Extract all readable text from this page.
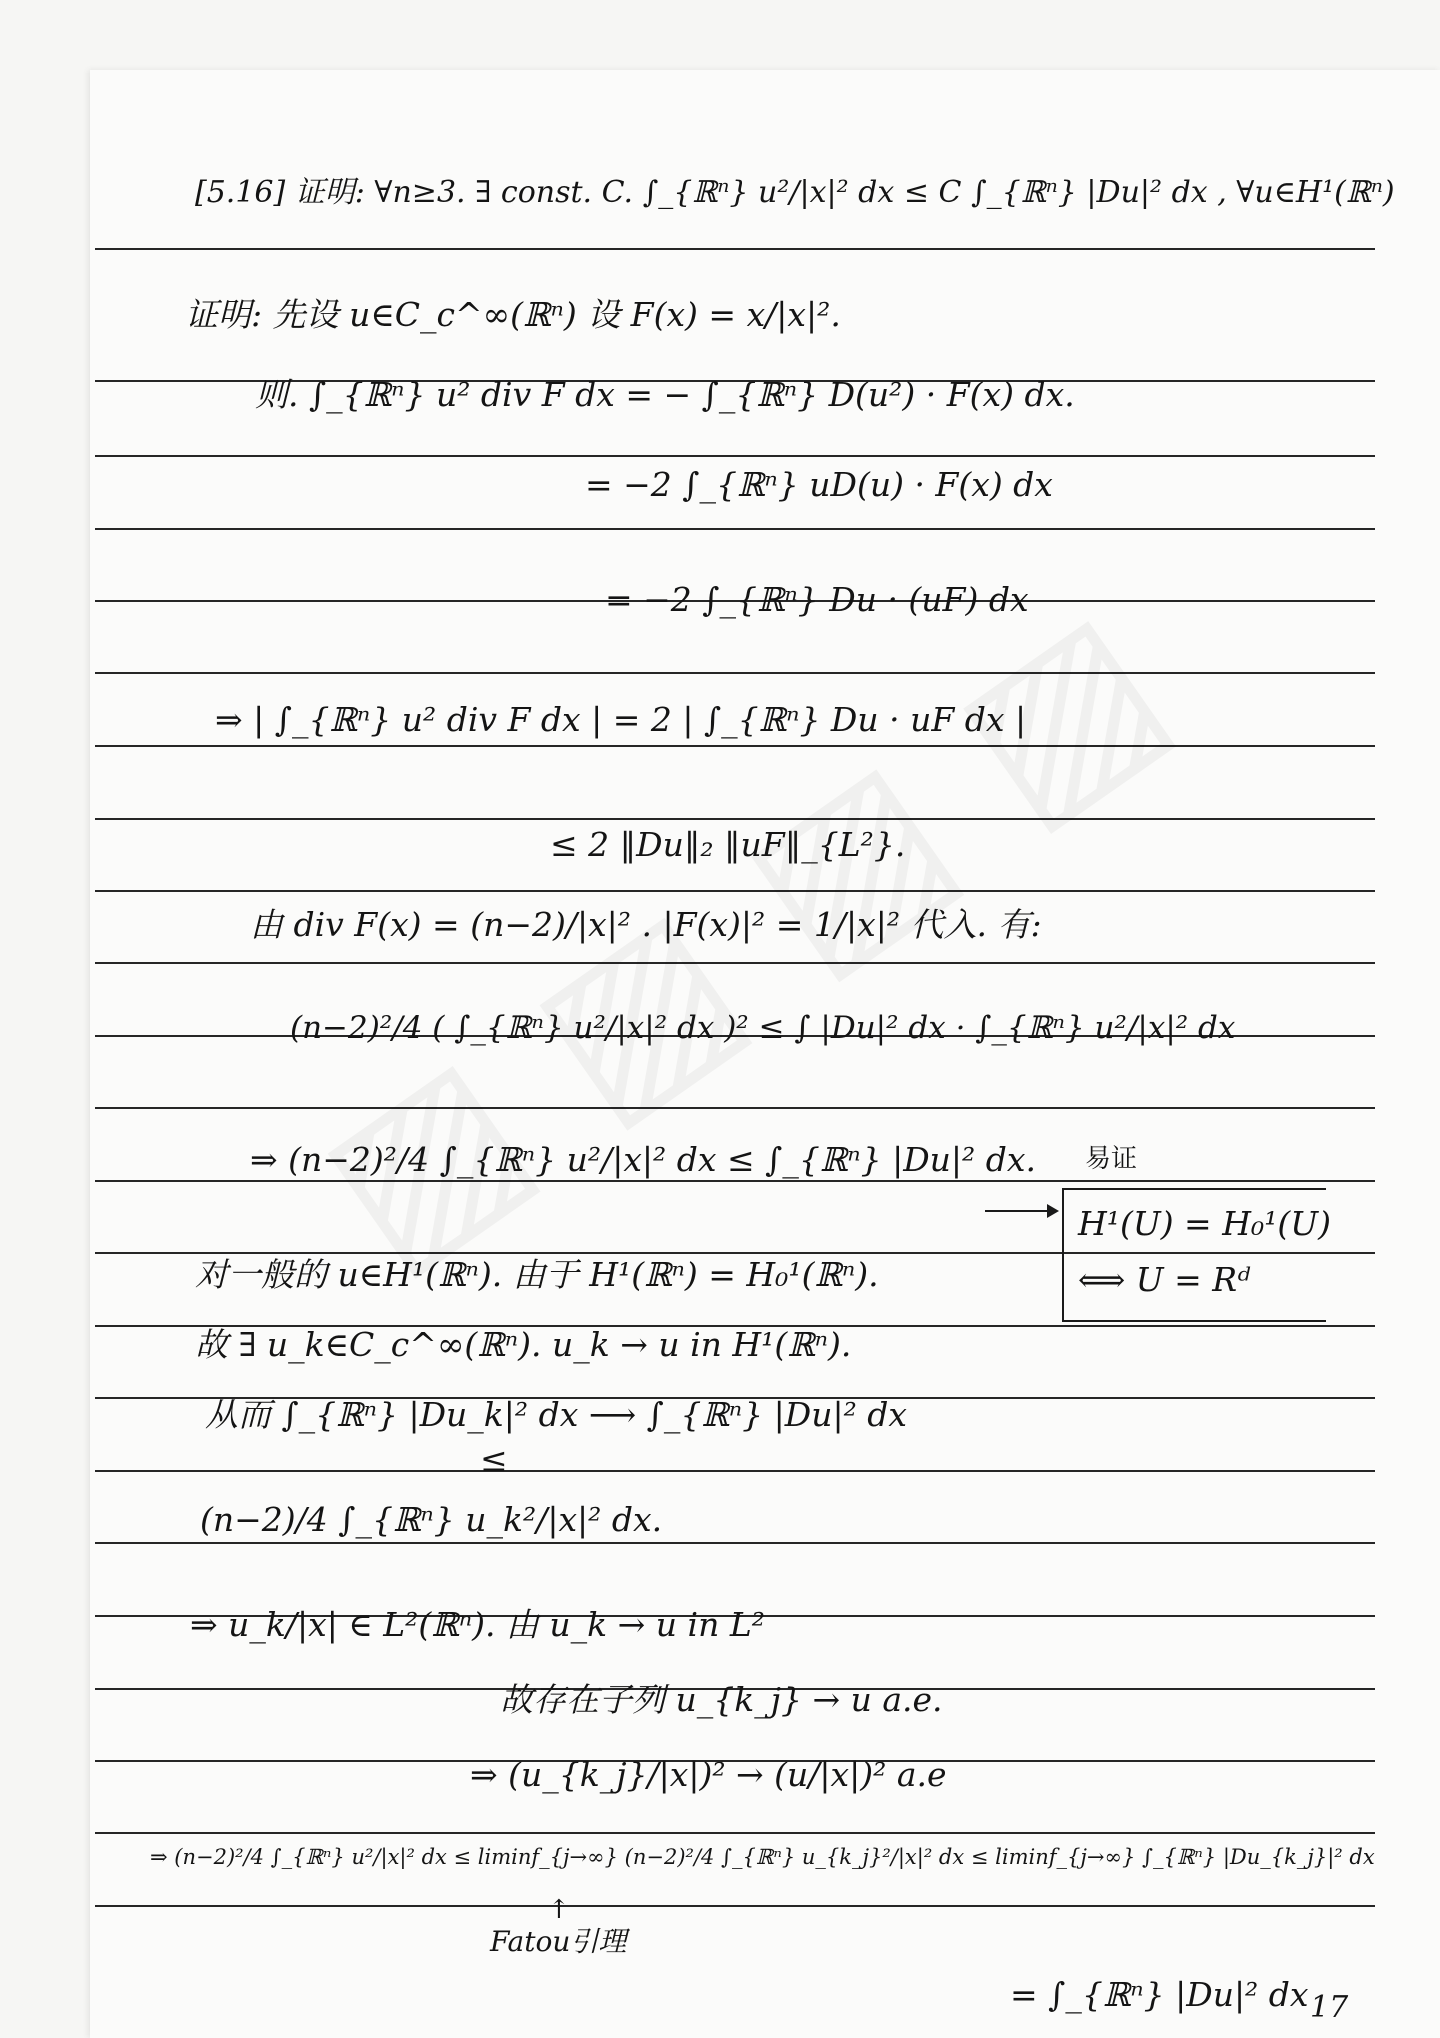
[5.16] 证明: ∀n≥3. ∃ const. C. ∫_{ℝⁿ} u²/|x|² dx ≤ C ∫_{ℝⁿ} |Du|² dx , ∀u∈H¹(ℝⁿ)
证明: 先设 u∈C_c^∞(ℝⁿ) 设 F(x) = x/|x|².
则. ∫_{ℝⁿ} u² div F dx = − ∫_{ℝⁿ} D(u²) · F(x) dx.
= −2 ∫_{ℝⁿ} uD(u) · F(x) dx
= −2 ∫_{ℝⁿ} Du · (uF) dx
⇒ | ∫_{ℝⁿ} u² div F dx | = 2 | ∫_{ℝⁿ} Du · uF dx |
≤ 2 ‖Du‖₂ ‖uF‖_{L²}.
由 div F(x) = (n−2)/|x|² . |F(x)|² = 1/|x|² 代入. 有:
(n−2)²/4 ( ∫_{ℝⁿ} u²/|x|² dx )² ≤ ∫ |Du|² dx · ∫_{ℝⁿ} u²/|x|² dx
⇒ (n−2)²/4 ∫_{ℝⁿ} u²/|x|² dx ≤ ∫_{ℝⁿ} |Du|² dx.
对一般的 u∈H¹(ℝⁿ). 由于 H¹(ℝⁿ) = H₀¹(ℝⁿ).
故 ∃ u_k∈C_c^∞(ℝⁿ). u_k → u in H¹(ℝⁿ).
从而 ∫_{ℝⁿ} |Du_k|² dx ⟶ ∫_{ℝⁿ} |Du|² dx
≤
(n−2)/4 ∫_{ℝⁿ} u_k²/|x|² dx.
⇒ u_k/|x| ∈ L²(ℝⁿ). 由 u_k → u in L²
故存在子列 u_{k_j} → u a.e.
⇒ (u_{k_j}/|x|)² → (u/|x|)² a.e
⇒ (n−2)²/4 ∫_{ℝⁿ} u²/|x|² dx ≤ liminf_{j→∞} (n−2)²/4 ∫_{ℝⁿ} u_{k_j}²/|x|² dx ≤ liminf_{j→∞} ∫_{ℝⁿ} |Du_{k_j}|² dx
↑
Fatou引理
= ∫_{ℝⁿ} |Du|² dx
易证
H¹(U) = H₀¹(U)
⟺ U = Rᵈ
17
